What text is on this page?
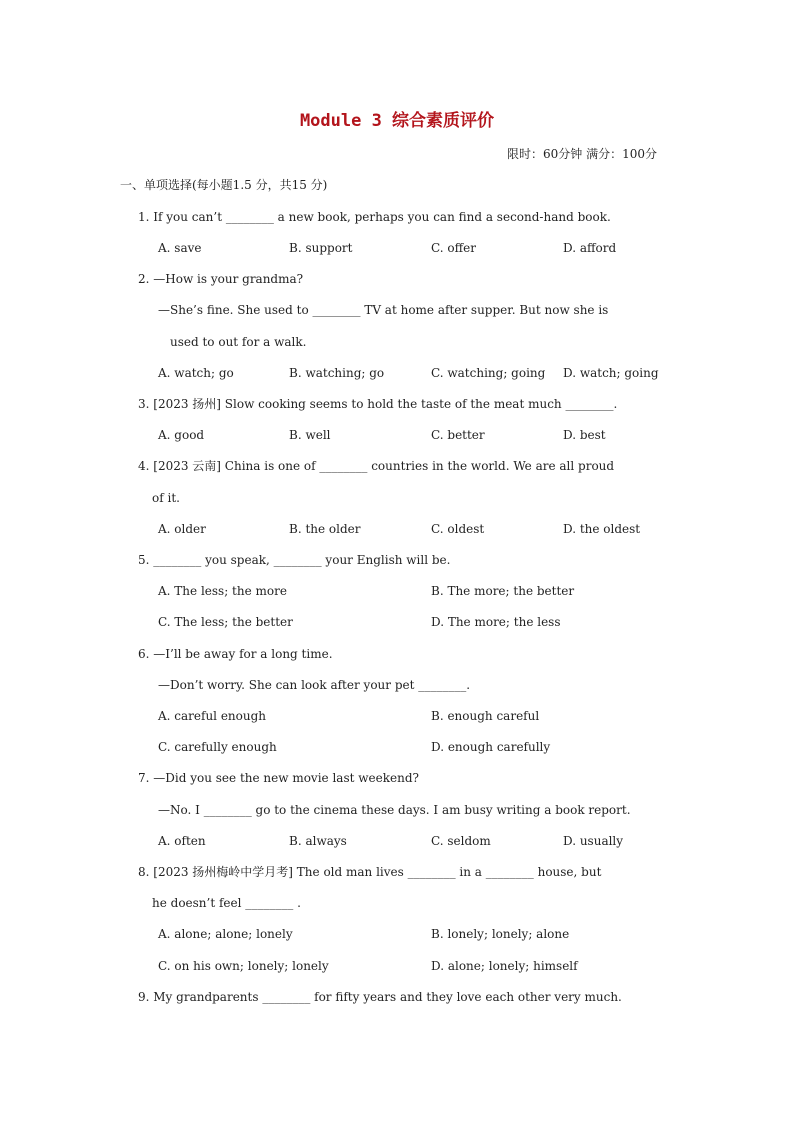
Module 3 综合素质评价
限时：60分钟 满分：100分
一、单项选择(每小题1.5 分，共15 分)
1. If you can’t ________ a new book, perhaps you can find a second-hand book.
A. save	B. support	C. offer	D. afford
2. —How is your grandma?
—She’s fine. She used to ________ TV at home after supper. But now she is
used to out for a walk.
A. watch; go	B. watching; go	C. watching; going D. watch; going
3. [2023 扬州] Slow cooking seems to hold the taste of the meat much ________.
A. good	B. well	C. better	D. best
4. [2023 云南] China is one of ________ countries in the world. We are all proud
of it.
A. older	B. the older	C. oldest	D. the oldest
5. ________ you speak, ________ your English will be.
A. The less; the more	B. The more; the better
C. The less; the better	D. The more; the less
6. —I’ll be away for a long time.
—Don’t worry. She can look after your pet ________.
A. careful enough	B. enough careful
C. carefully enough	D. enough carefully
7. —Did you see the new movie last weekend?
—No. I ________ go to the cinema these days. I am busy writing a book report.
A. often	B. always	C. seldom	D. usually
8. [2023 扬州梅岭中学月考] The old man lives ________ in a ________ house, but
he doesn’t feel ________ .
A. alone; alone; lonely	B. lonely; lonely; alone
C. on his own; lonely; lonely	D. alone; lonely; himself
9. My grandparents ________ for fifty years and they love each other very much.
